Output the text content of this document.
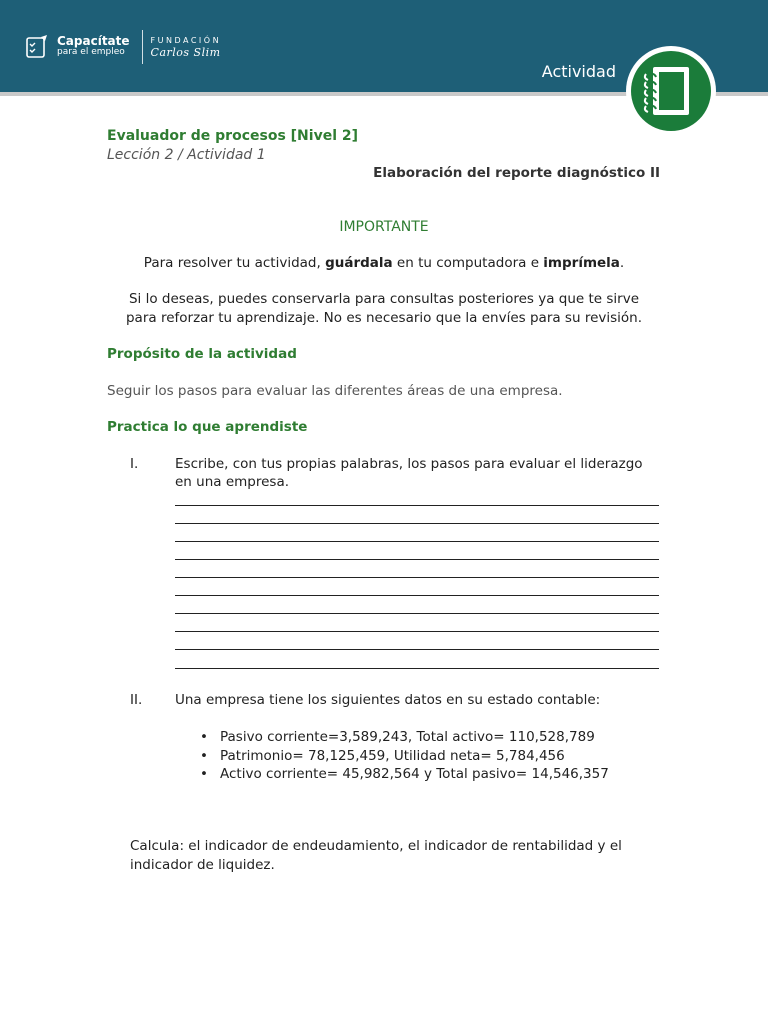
Capacítate
para el empleo
FUNDACIÓN
Carlos Slim
Actividad
Evaluador de procesos [Nivel 2]
Lección 2 / Actividad 1
Elaboración del reporte diagnóstico II
IMPORTANTE
Para resolver tu actividad, guárdala en tu computadora e imprímela.
Si lo deseas, puedes conservarla para consultas posteriores ya que te sirve
para reforzar tu aprendizaje. No es necesario que la envíes para su revisión.
Propósito de la actividad
Seguir los pasos para evaluar las diferentes áreas de una empresa.
Practica lo que aprendiste
I.	Escribe, con tus propias palabras, los pasos para evaluar el liderazgo
en una empresa.
II. Una empresa tiene los siguientes datos en su estado contable:
• Pasivo corriente=3,589,243, Total activo= 110,528,789
• Patrimonio= 78,125,459, Utilidad neta= 5,784,456
• Activo corriente= 45,982,564 y Total pasivo= 14,546,357
Calcula: el indicador de endeudamiento, el indicador de rentabilidad y el
indicador de liquidez.
